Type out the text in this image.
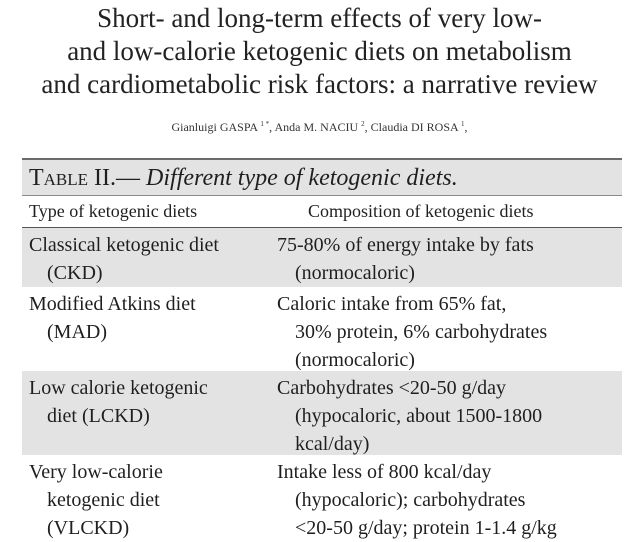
Short- and long-term effects of very low-
and low-calorie ketogenic diets on metabolism
and cardiometabolic risk factors: a narrative review
Gianluigi GASPA $^{1 *}$, Anda M. NACIU $^2$, Claudia DI ROSA $^1$,
Table II.— Different type of ketogenic diets.
Type of ketogenic diets	Composition of ketogenic diets
Classical ketogenic diet
(CKD)
75-80% of energy intake by fats
(normocaloric)
Modified Atkins diet
(MAD)
Caloric intake from 65% fat,
30% protein, 6% carbohydrates
(normocaloric)
Low calorie ketogenic
diet (LCKD)
Carbohydrates <20-50 g/day
(hypocaloric, about 1500-1800
kcal/day)
Very low-calorie
ketogenic diet
(VLCKD)
Intake less of 800 kcal/day
(hypocaloric); carbohydrates
<20-50 g/day; protein 1-1.4 g/kg
